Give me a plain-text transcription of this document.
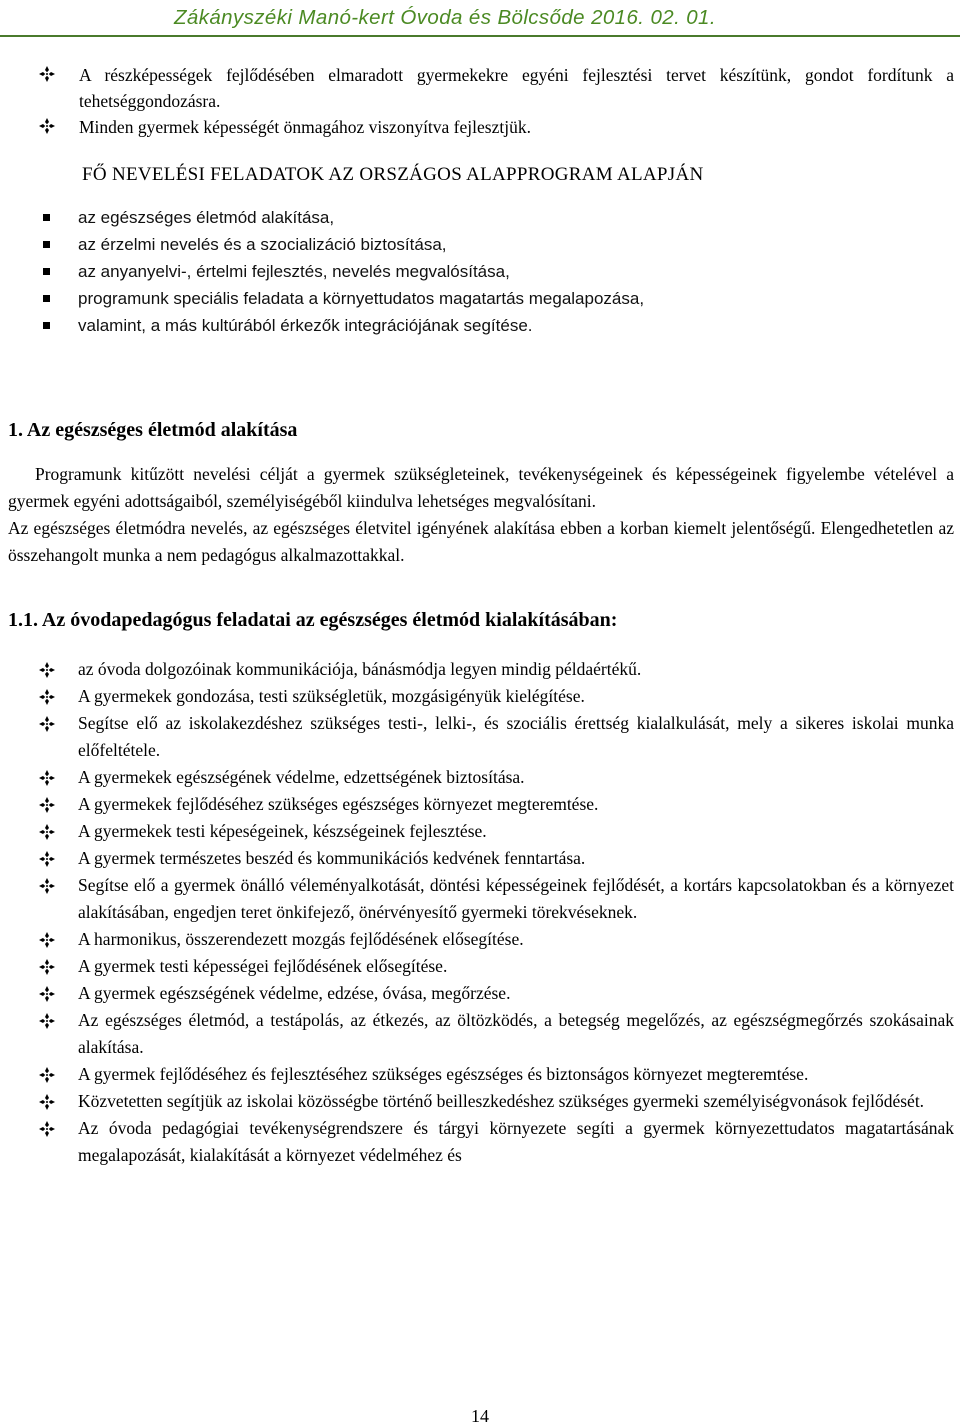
Zákányszéki Manó-kert Óvoda és Bölcsőde 2016. 02. 01.
A részképességek fejlődésében elmaradott gyermekekre egyéni fejlesztési tervet készítünk, gondot fordítunk a tehetséggondozásra.
Minden gyermek képességét önmagához viszonyítva fejlesztjük.
FŐ NEVELÉSI FELADATOK AZ ORSZÁGOS ALAPPROGRAM ALAPJÁN
az egészséges életmód alakítása,
az érzelmi nevelés és a szocializáció biztosítása,
az anyanyelvi-, értelmi fejlesztés, nevelés megvalósítása,
programunk speciális feladata a környettudatos magatartás megalapozása,
valamint, a más kultúrából érkezők integrációjának segítése.
1. Az egészséges életmód alakítása

Programunk kitűzött nevelési célját a gyermek szükségleteinek, tevékenységeinek és képességeinek figyelembe vételével a gyermek egyéni adottságaiból, személyiségéből kiindulva lehetséges megvalósítani.

Az egészséges életmódra nevelés, az egészséges életvitel igényének alakítása ebben a korban kiemelt jelentőségű. Elengedhetetlen az összehangolt munka a nem pedagógus alkalmazottakkal.

1.1. Az óvodapedagógus feladatai az egészséges életmód kialakításában:
az óvoda dolgozóinak kommunikációja, bánásmódja legyen mindig példaértékű.
A gyermekek gondozása, testi szükségletük, mozgásigényük kielégítése.
Segítse elő az iskolakezdéshez szükséges testi-, lelki-, és szociális érettség kialalkulását, mely a sikeres iskolai munka előfeltétele.
A gyermekek egészségének védelme, edzettségének biztosítása.
A gyermekek fejlődéséhez szükséges egészséges környezet megteremtése.
A gyermekek testi képeségeinek, készségeinek fejlesztése.
A gyermek természetes beszéd és kommunikációs kedvének fenntartása.
Segítse elő a gyermek önálló véleményalkotását, döntési képességeinek fejlődését, a kortárs kapcsolatokban és a környezet alakításában, engedjen teret önkifejező, önérvényesítő gyermeki törekvéseknek.
A harmonikus, összerendezett mozgás fejlődésének elősegítése.
A gyermek testi képességei fejlődésének elősegítése.
A gyermek egészségének védelme, edzése, óvása, megőrzése.
Az egészséges életmód, a testápolás, az étkezés, az öltözködés, a betegség megelőzés, az egészségmegőrzés szokásainak alakítása.
A gyermek fejlődéséhez és fejlesztéséhez szükséges egészséges és biztonságos környezet megteremtése.
Közvetetten segítjük az iskolai közösségbe történő beilleszkedéshez szükséges gyermeki személyiségvonások fejlődését.
Az óvoda pedagógiai tevékenységrendszere és tárgyi környezete segíti a gyermek környezettudatos magatartásának megalapozását, kialakítását a környezet védelméhez és
14
